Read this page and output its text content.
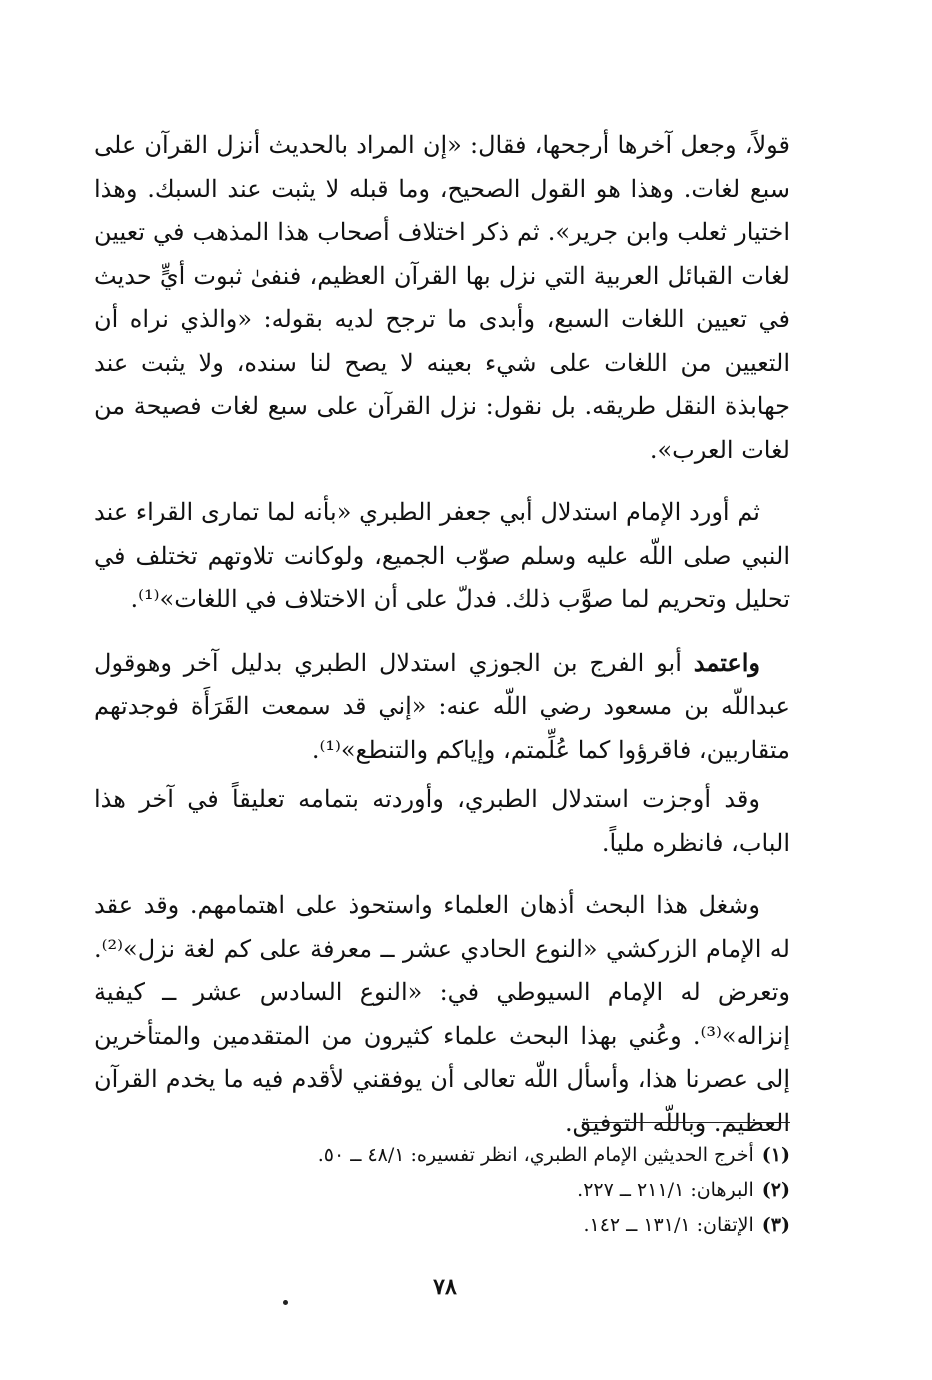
قولاً، وجعل آخرها أرجحها، فقال: «إن المراد بالحديث أنزل القرآن على سبع لغات. وهذا هو القول الصحيح، وما قبله لا يثبت عند السبك. وهذا اختيار ثعلب وابن جرير». ثم ذكر اختلاف أصحاب هذا المذهب في تعيين لغات القبائل العربية التي نزل بها القرآن العظيم، فنفىٰ ثبوت أيٍّ حديث في تعيين اللغات السبع، وأبدى ما ترجح لديه بقوله: «والذي نراه أن التعيين من اللغات على شيء بعينه لا يصح لنا سنده، ولا يثبت عند جهابذة النقل طريقه. بل نقول: نزل القرآن على سبع لغات فصيحة من لغات العرب».

ثم أورد الإمام استدلال أبي جعفر الطبري «بأنه لما تمارى القراء عند النبي صلى اللّه عليه وسلم صوّب الجميع، ولوكانت تلاوتهم تختلف في تحليل وتحريم لما صوَّب ذلك. فدلّ على أن الاختلاف في اللغات»⁽¹⁾.

واعتمد أبو الفرج بن الجوزي استدلال الطبري بدليل آخر وهوقول عبداللّه بن مسعود رضي اللّه عنه: «إني قد سمعت القَرَأَة فوجدتهم متقاربين، فاقرؤوا كما عُلِّمتم، وإياكم والتنطع»⁽¹⁾.

وقد أوجزت استدلال الطبري، وأوردته بتمامه تعليقاً في آخر هذا الباب، فانظره ملياً.

وشغل هذا البحث أذهان العلماء واستحوذ على اهتمامهم. وقد عقد له الإمام الزركشي «النوع الحادي عشر ــ معرفة على كم لغة نزل»⁽²⁾. وتعرض له الإمام السيوطي في: «النوع السادس عشر ــ كيفية إنزاله»⁽³⁾. وعُني بهذا البحث علماء كثيرون من المتقدمين والمتأخرين إلى عصرنا هذا، وأسأل اللّه تعالى أن يوفقني لأقدم فيه ما يخدم القرآن العظيم. وباللّه التوفيق.

(١)أخرج الحديثين الإمام الطبري، انظر تفسيره: ٤٨/١ ــ ٥٠.

(٢)البرهان: ٢١١/١ ــ ٢٢٧.

(٣)الإتقان: ١٣١/١ ــ ١٤٢.

٧٨
